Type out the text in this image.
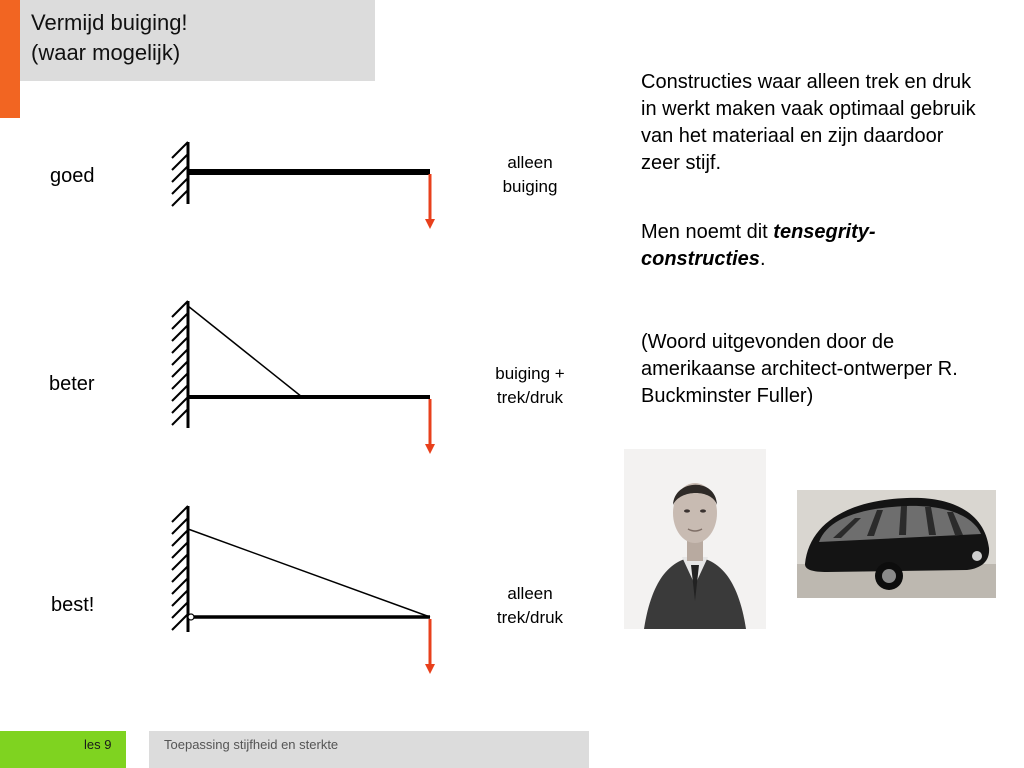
Vermijd buiging!
(waar mogelijk)
goed
beter
best!
alleen
buiging
buiging +
trek/druk
alleen
trek/druk
Constructies waar alleen trek en druk in werkt maken vaak optimaal gebruik van het materiaal en zijn daardoor zeer stijf.
Men noemt dit tensegrity-constructies.
(Woord uitgevonden door de amerikaanse architect-ontwerper R. Buckminster Fuller)
les 9	Toepassing stijfheid en sterkte
